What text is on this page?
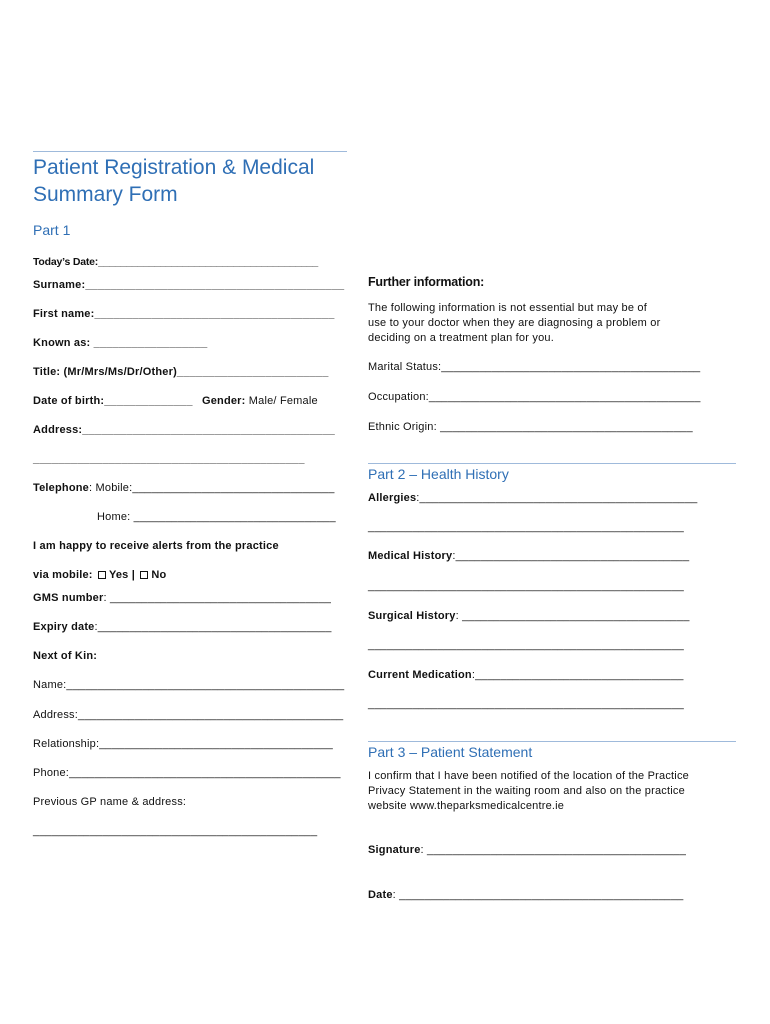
Patient Registration & Medical
Summary Form
Part 1
Today’s Date:_______________________________________
Surname:_________________________________________
First name:______________________________________
Known as: __________________
Title: (Mr/Mrs/Ms/Dr/Other)________________________
Date of birth:______________ Gender: Male/ Female
Address:________________________________________
___________________________________________
Telephone: Mobile:________________________________
Home: ________________________________
I am happy to receive alerts from the practice
via mobile: Yes | No
GMS number: ___________________________________
Expiry date:_____________________________________
Next of Kin:
Name:____________________________________________
Address:__________________________________________
Relationship:_____________________________________
Phone:___________________________________________
Previous GP name & address:
_____________________________________________
Further information:
The following information is not essential but may be of use to your doctor when they are diagnosing a problem or deciding on a treatment plan for you.
Marital Status:_________________________________________
Occupation:___________________________________________
Ethnic Origin: ________________________________________
Part 2 – Health History
Allergies:____________________________________________
__________________________________________________
Medical History:_____________________________________
__________________________________________________
Surgical History: ____________________________________
__________________________________________________
Current Medication:_________________________________
__________________________________________________
Part 3 – Patient Statement
I confirm that I have been notified of the location of the Practice Privacy Statement in the waiting room and also on the practice website www.theparksmedicalcentre.ie
Signature: _________________________________________
Date: _____________________________________________
